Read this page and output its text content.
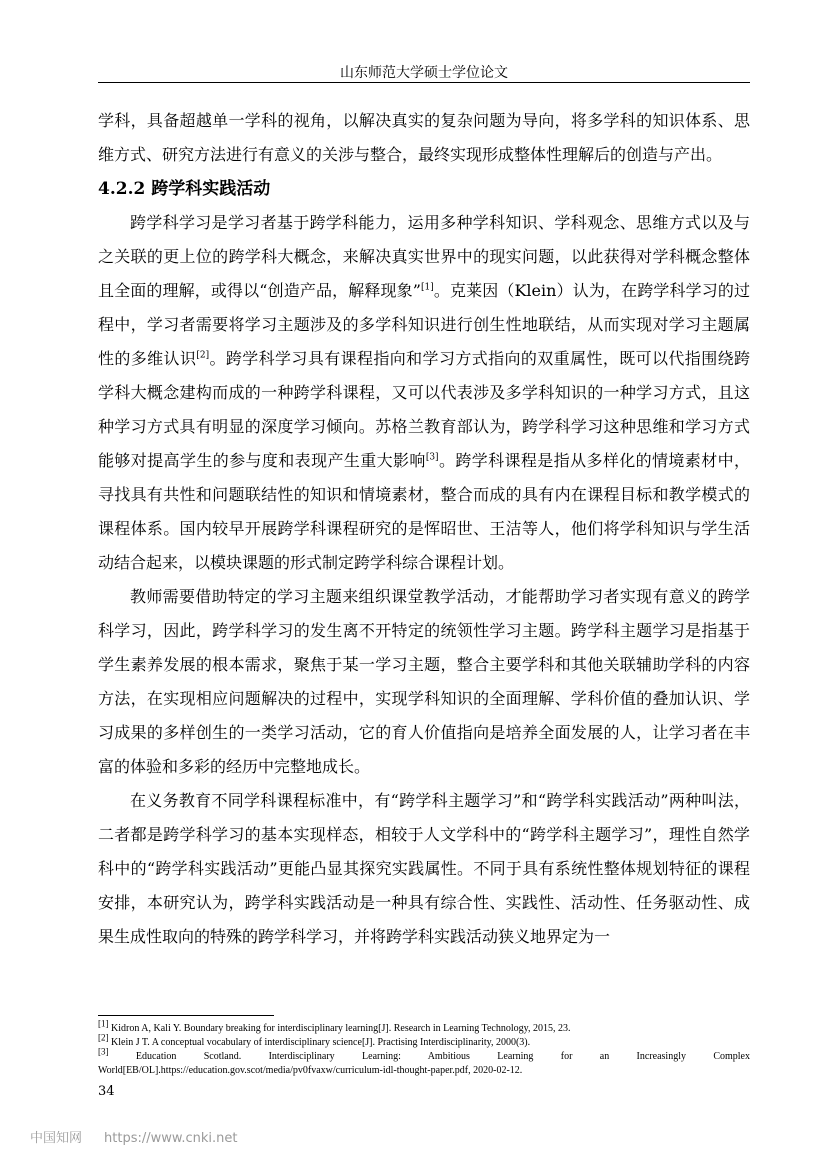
山东师范大学硕士学位论文

学科，具备超越单一学科的视角，以解决真实的复杂问题为导向，将多学科的知识体系、思维方式、研究方法进行有意义的关涉与整合，最终实现形成整体性理解后的创造与产出。

4.2.2 跨学科实践活动

跨学科学习是学习者基于跨学科能力，运用多种学科知识、学科观念、思维方式以及与之关联的更上位的跨学科大概念，来解决真实世界中的现实问题，以此获得对学科概念整体且全面的理解，或得以“创造产品，解释现象”[1]。克莱因（Klein）认为，在跨学科学习的过程中，学习者需要将学习主题涉及的多学科知识进行创生性地联结，从而实现对学习主题属性的多维认识[2]。跨学科学习具有课程指向和学习方式指向的双重属性，既可以代指围绕跨学科大概念建构而成的一种跨学科课程，又可以代表涉及多学科知识的一种学习方式，且这种学习方式具有明显的深度学习倾向。苏格兰教育部认为，跨学科学习这种思维和学习方式能够对提高学生的参与度和表现产生重大影响[3]。跨学科课程是指从多样化的情境素材中，寻找具有共性和问题联结性的知识和情境素材，整合而成的具有内在课程目标和教学模式的课程体系。国内较早开展跨学科课程研究的是恽昭世、王洁等人，他们将学科知识与学生活动结合起来，以模块课题的形式制定跨学科综合课程计划。

教师需要借助特定的学习主题来组织课堂教学活动，才能帮助学习者实现有意义的跨学科学习，因此，跨学科学习的发生离不开特定的统领性学习主题。跨学科主题学习是指基于学生素养发展的根本需求，聚焦于某一学习主题，整合主要学科和其他关联辅助学科的内容方法，在实现相应问题解决的过程中，实现学科知识的全面理解、学科价值的叠加认识、学习成果的多样创生的一类学习活动，它的育人价值指向是培养全面发展的人，让学习者在丰富的体验和多彩的经历中完整地成长。

在义务教育不同学科课程标准中，有“跨学科主题学习”和“跨学科实践活动”两种叫法，二者都是跨学科学习的基本实现样态，相较于人文学科中的“跨学科主题学习”，理性自然学科中的“跨学科实践活动”更能凸显其探究实践属性。不同于具有系统性整体规划特征的课程安排，本研究认为，跨学科实践活动是一种具有综合性、实践性、活动性、任务驱动性、成果生成性取向的特殊的跨学科学习，并将跨学科实践活动狭义地界定为一

[1] Kidron A, Kali Y. Boundary breaking for interdisciplinary learning[J]. Research in Learning Technology, 2015, 23.

[2] Klein J T. A conceptual vocabulary of interdisciplinary science[J]. Practising Interdisciplinarity, 2000(3).

[3] Education Scotland. Interdisciplinary Learning: Ambitious Learning for an Increasingly Complex World[EB/OL].https://education.gov.scot/media/pv0fvaxw/curriculum-idl-thought-paper.pdf, 2020-02-12.

34
中国知网 https://www.cnki.net
